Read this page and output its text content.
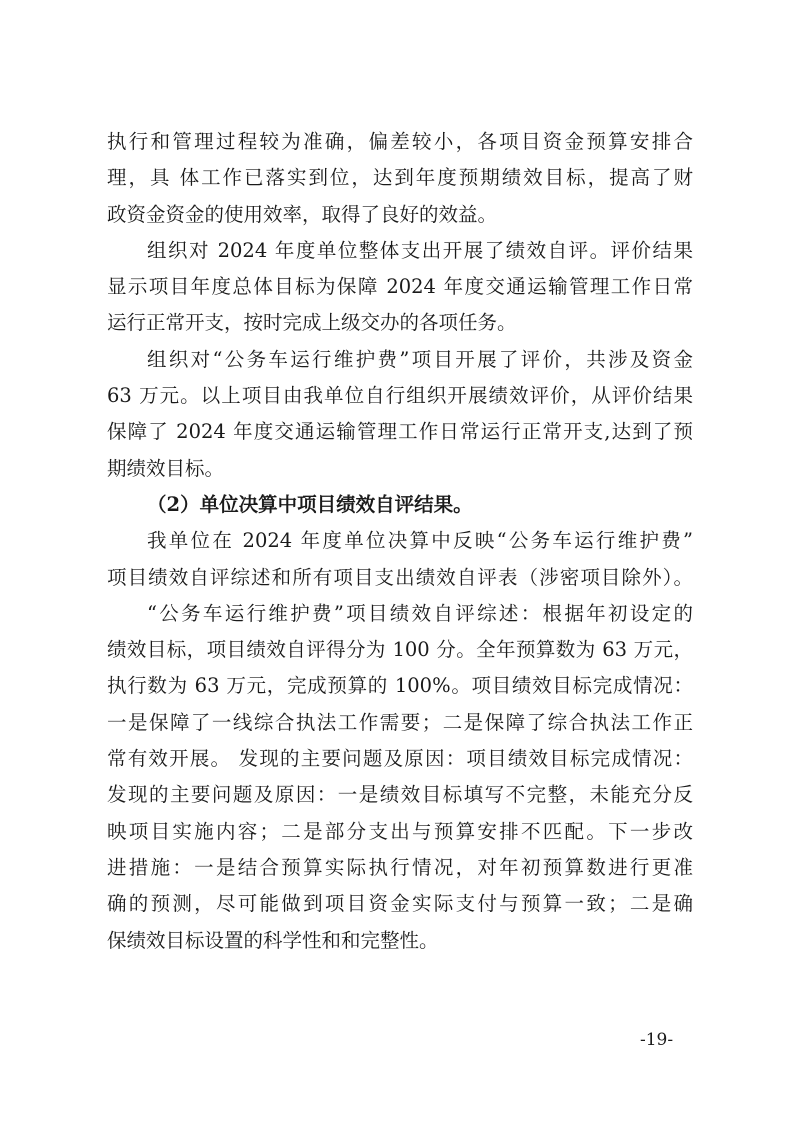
执行和管理过程较为准确，偏差较小，各项目资金预算安排合
理，具 体工作已落实到位，达到年度预期绩效目标，提高了财
政资金资金的使用效率，取得了良好的效益。
组织对 2024 年度单位整体支出开展了绩效自评。评价结果
显示项目年度总体目标为保障 2024 年度交通运输管理工作日常
运行正常开支，按时完成上级交办的各项任务。
组织对“公务车运行维护费”项目开展了评价，共涉及资金
63 万元。以上项目由我单位自行组织开展绩效评价，从评价结果
保障了 2024 年度交通运输管理工作日常运行正常开支,达到了预
期绩效目标。
（2）单位决算中项目绩效自评结果。
我单位在 2024 年度单位决算中反映“公务车运行维护费”
项目绩效自评综述和所有项目支出绩效自评表（涉密项目除外）。
“公务车运行维护费”项目绩效自评综述：根据年初设定的
绩效目标，项目绩效自评得分为 100 分。全年预算数为 63 万元，
执行数为 63 万元，完成预算的 100%。项目绩效目标完成情况：
一是保障了一线综合执法工作需要；二是保障了综合执法工作正
常有效开展。 发现的主要问题及原因：项目绩效目标完成情况：
发现的主要问题及原因：一是绩效目标填写不完整，未能充分反
映项目实施内容；二是部分支出与预算安排不匹配。下一步改
进措施：一是结合预算实际执行情况，对年初预算数进行更准
确的预测，尽可能做到项目资金实际支付与预算一致；二是确
保绩效目标设置的科学性和和完整性。
-19-
